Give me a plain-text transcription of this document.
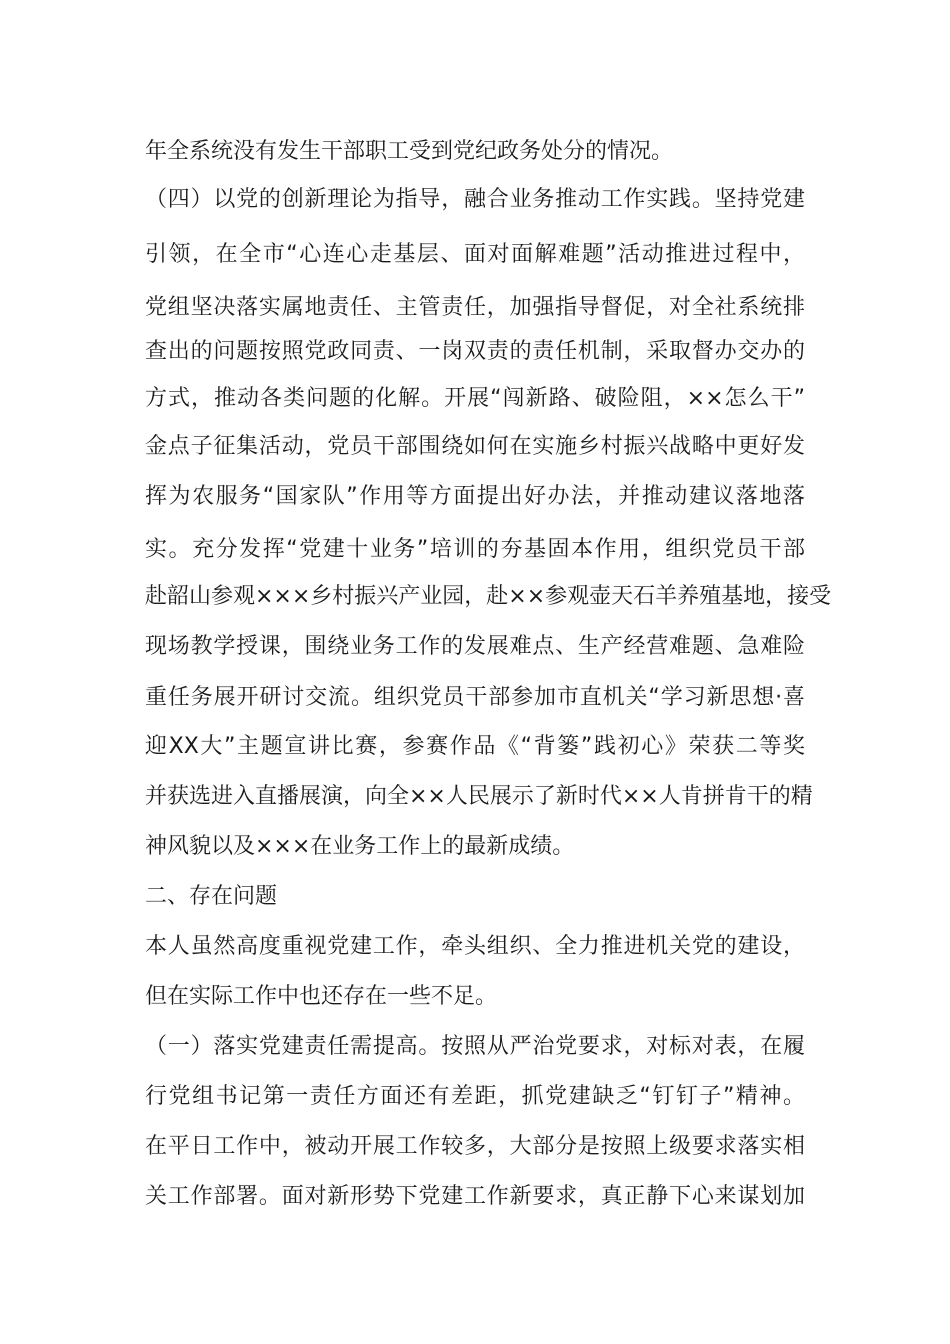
年全系统没有发生干部职工受到党纪政务处分的情况。
（四）以党的创新理论为指导，融合业务推动工作实践。坚持党建
引领，在全市“心连心走基层、面对面解难题”活动推进过程中，
党组坚决落实属地责任、主管责任，加强指导督促，对全社系统排
查出的问题按照党政同责、一岗双责的责任机制，采取督办交办的
方式，推动各类问题的化解。开展“闯新路、破险阻，××怎么干”
金点子征集活动，党员干部围绕如何在实施乡村振兴战略中更好发
挥为农服务“国家队”作用等方面提出好办法，并推动建议落地落
实。充分发挥“党建十业务”培训的夯基固本作用，组织党员干部
赴韶山参观×××乡村振兴产业园，赴××参观壶天石羊养殖基地，接受
现场教学授课，围绕业务工作的发展难点、生产经营难题、急难险
重任务展开研讨交流。组织党员干部参加市直机关“学习新思想·喜
迎XX大”主题宣讲比赛，参赛作品《“背篓”践初心》荣获二等奖
并获选进入直播展演，向全××人民展示了新时代××人肯拼肯干的精
神风貌以及×××在业务工作上的最新成绩。
二、存在问题
本人虽然高度重视党建工作，牵头组织、全力推进机关党的建设，
但在实际工作中也还存在一些不足。
（一）落实党建责任需提高。按照从严治党要求，对标对表，在履
行党组书记第一责任方面还有差距，抓党建缺乏“钉钉子”精神。
在平日工作中，被动开展工作较多，大部分是按照上级要求落实相
关工作部署。面对新形势下党建工作新要求，真正静下心来谋划加
